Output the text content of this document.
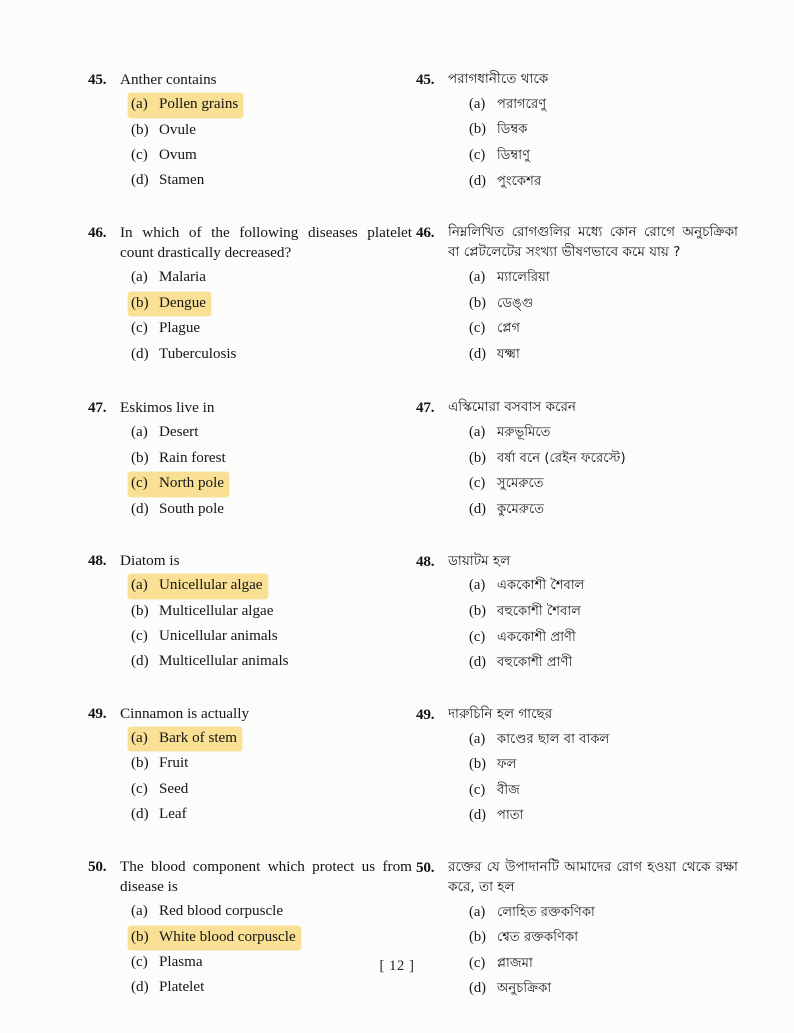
45. Anther contains
(a) Pollen grains
(b) Ovule
(c) Ovum
(d) Stamen
46. In which of the following diseases platelet count drastically decreased?
(a) Malaria
(b) Dengue
(c) Plague
(d) Tuberculosis
47. Eskimos live in
(a) Desert
(b) Rain forest
(c) North pole
(d) South pole
48. Diatom is
(a) Unicellular algae
(b) Multicellular algae
(c) Unicellular animals
(d) Multicellular animals
49. Cinnamon is actually
(a) Bark of stem
(b) Fruit
(c) Seed
(d) Leaf
50. The blood component which protect us from disease is
(a) Red blood corpuscle
(b) White blood corpuscle
(c) Plasma
(d) Platelet
45. পরাগধানীতে থাকে
(a) পরাগরেণু
(b) ডিম্বক
(c) ডিম্বাণু
(d) পুংকেশর
46. নিম্নলিখিত রোগগুলির মধ্যে কোন রোগে অনুচক্রিকা বা প্লেটলেটের সংখ্যা ভীষণভাবে কমে যায় ?
(a) ম্যালেরিয়া
(b) ডেঙ্গু
(c) প্লেগ
(d) যক্ষ্মা
47. এস্কিমোরা বসবাস করেন
(a) মরুভূমিতে
(b) বর্ষা বনে (রেইন ফরেস্টে)
(c) সুমেরুতে
(d) কুমেরুতে
48. ডায়াটম হল
(a) এককোশী শৈবাল
(b) বহুকোশী শৈবাল
(c) এককোশী প্রাণী
(d) বহুকোশী প্রাণী
49. দারুচিনি হল গাছের
(a) কাণ্ডের ছাল বা বাকল
(b) ফল
(c) বীজ
(d) পাতা
50. রক্তের যে উপাদানটি আমাদের রোগ হওয়া থেকে রক্ষা করে, তা হল
(a) লোহিত রক্তকণিকা
(b) শ্বেত রক্তকণিকা
(c) প্লাজমা
(d) অনুচক্রিকা
[ 12 ]
